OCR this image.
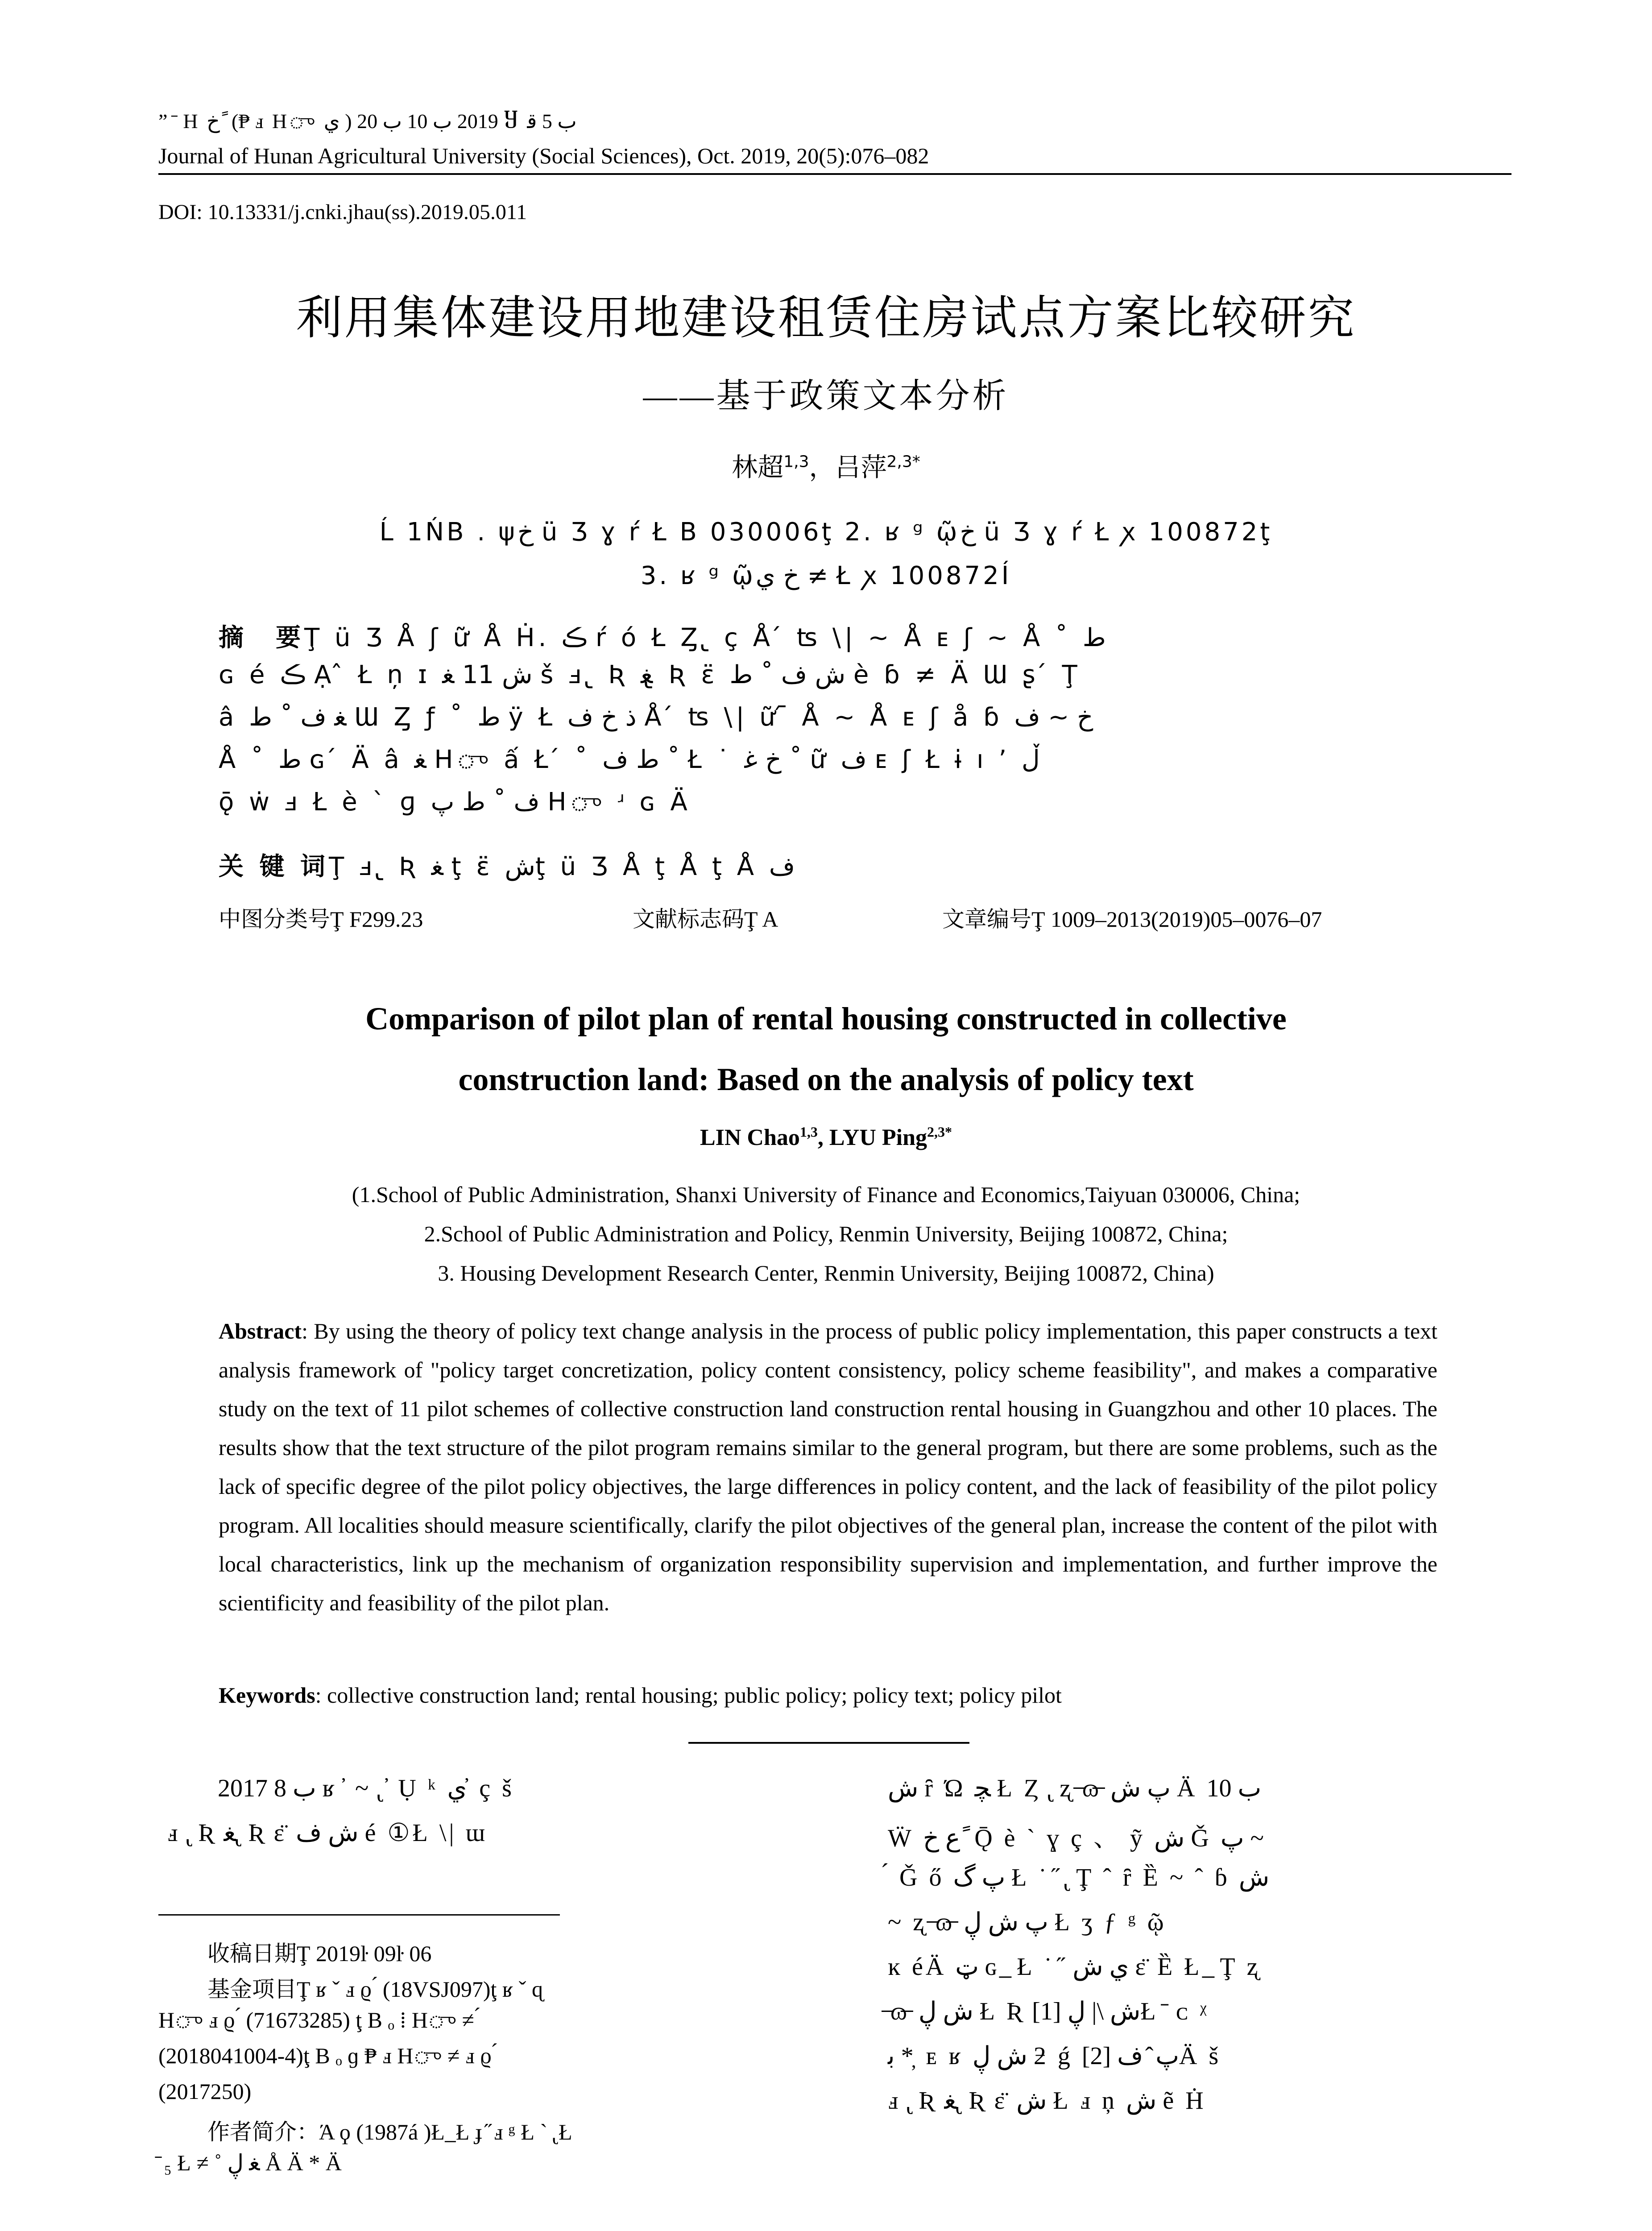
” ̄ H خ ً (₱ ⅎ Hு ي ) 2019 ب 10 ب 20 Ⴘ ب 5 ﻗ
Journal of Hunan Agricultural University (Social Sciences), Oct. 2019, 20(5):076–082
DOI: 10.13331/j.cnki.jhau(ss).2019.05.011
利用集体建设用地建设租赁住房试点方案比较研究
——基于政策文本分析
林超$^{1,3}$，吕萍$^{2,3*}$
Ĺ 1ŃB . ψخ ü Ʒ ɣ ŕ Ł B 030006ţ 2. ʁ ᵍ ῷخ ü Ʒ ɣ ŕ Ł ꭗ 100872ţ
3. ʁ ᵍ ῷخ ي ≠ Ł ꭗ 100872Í
摘　要Ţ ü Ʒ Å ʃ ữ Å Ḣ. ڪ ŕ ó Ł Ȥ ̢ ç Å ́ ʦ \| ~ Å ᴇ ʃ ~ Å ˚ ط
ɢ é ڪ Ạ ̂ Ł ņ ɪ ش 11 ﻐ š ⅎ ̢ Ʀ ﻐ ̢ Ʀ ɛ̈ ش ﻑ ˚ ط è ɓ ≠ Ä Ɯ ʂ ́ Ţ
â ﻐ ﻑ ˚ ط Ɯ Ȥ ƒ ˚ ط ÿ Ł ﺫ ﺥ ﻑ Å ́ ʦ \| ữ ᷇ Å ~ Å ᴇ ʃ å ɓ خ ~ ﻑ
Å ˚ ط ɢ ́ Ä â ﻐ Hு ấ Ł ́ ˚ ط ﻑ ˚ Ł ˙ خ ﻏ ˚ ữ ﻑ ᴇ ʃ Ł ɨ ı ’ ڵ
ǭ ẇ ⅎ Ł è ` ɡ ﻑ ˚ ط پ Hு ʴ ɢ Ä
关 键 词Ţ ⅎ ̢ Ʀ ﻐ ţ ɛ̈ شţ ü Ʒ Å ţ Å ţ Å ﻑ
中图分类号Ţ F299.23	文献标志码Ţ A	文章编号Ţ 1009–2013(2019)05–0076–07
Comparison of pilot plan of rental housing constructed in collective
construction land: Based on the analysis of policy text
LIN Chao$^{1,3}$, LYU Ping$^{2,3*}$
(1.School of Public Administration, Shanxi University of Finance and Economics,Taiyuan 030006, China;
2.School of Public Administration and Policy, Renmin University, Beijing 100872, China;
3. Housing Development Research Center, Renmin University, Beijing 100872, China)

Abstract: By using the theory of policy text change analysis in the process of public policy implementation, this paper constructs a text analysis framework of "policy target concretization, policy content consistency, policy scheme feasibility", and makes a comparative study on the text of 11 pilot schemes of collective construction land construction rental housing in Guangzhou and other 10 places. The results show that the text structure of the pilot program remains similar to the general program, but there are some problems, such as the lack of specific degree of the pilot policy objectives, the large differences in policy content, and the lack of feasibility of the pilot policy program. All localities should measure scientifically, clarify the pilot objectives of the general plan, increase the content of the pilot with local characteristics, link up the mechanism of organization responsibility supervision and implementation, and further improve the scientificity and feasibility of the pilot plan.

Keywords: collective construction land; rental housing; public policy; policy text; policy pilot
2017 ب 8 ʁ ̓ ~ ̢ ̓ Ụ ᵏ ي ̓ ç š
ⅎ ̢ Ʀ ﻐ ̢ Ʀ ɛ̈ ش ﻑ é ①Ł \| ɯ
收稿日期Ţ 2019ŀ 09ŀ 06
基金项目Ţ ʁ ˇ ⅎ ϱ ́ (18VSJ097)ţ ʁ ˇ ɋ
Hு ⅎ ϱ ́ (71673285) ţ B ₒ ⁞ Hு ≠ ́
(2018041004-4)ţ B ₒ ɡ ₱ ⅎ Hு ≠ ⅎ ϱ ́
(2017250)
作者简介：Ά ϙ (1987á )Ł ̲ Ł ɟ ̋ ⅎ ᵍ Ł ` ̢ Ł
̄ ₅ Ł ≠ ˚ ﻐ ڸ Å Ä * Ä
ش ȓ Ώ ﭽ Ł Ȥ ̢ ʐ ̶ɷ̶ پ ش Ä ب 10
Ẅ ﻉ خ ً Ǭ è ` ɣ ç 、 ỹ ش Ǧ پ ~
́ Ǧ ő پ گ Ł ˙ ̋ ̢ Ţ ˆ ȓ Ȅ ~ ˆ ɓ ش
~ ʐ ̶ɷ̶ پ ش ڸ Ł ʒ ƒ ᵍ ῷ
ĸ éÄ ټ ɢ ̲ Ł ˙ ̋ ي ش ɛ̈ Ȅ Ł ̲ Ţ ʐ
̶ɷ̶ ش ڸ Ł Ʀ ش \| ڸ [1]Ł ̄ ᴄ ᵡ
ﺑ * ̦ ᴇ ʁ ش ڸ ƻ ǵ پ ̂ ﻑ [2]Ä š
ⅎ ̢ Ʀ ﻐ ̢ Ʀ ɛ̈ ش Ł ⅎ ņ ش ẽ Ḣ
